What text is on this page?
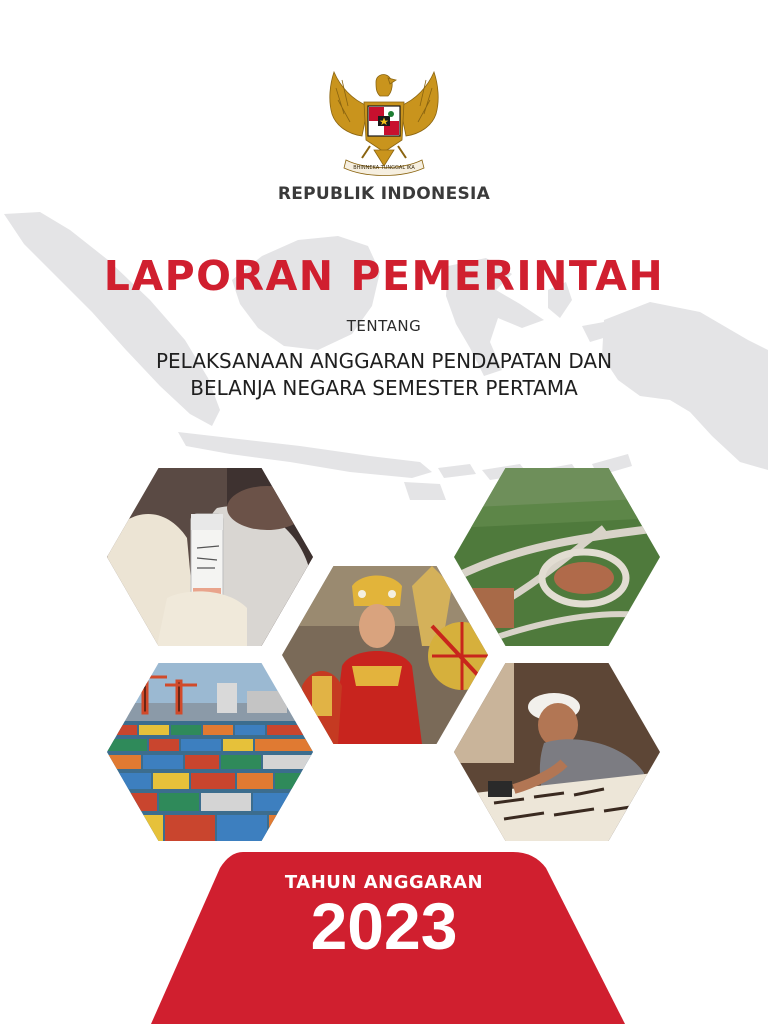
BHINNEKA TUNGGAL IKA
REPUBLIK INDONESIA
LAPORAN PEMERINTAH
TENTANG
PELAKSANAAN ANGGARAN PENDAPATAN DAN
BELANJA NEGARA SEMESTER PERTAMA
TAHUN ANGGARAN
2023
